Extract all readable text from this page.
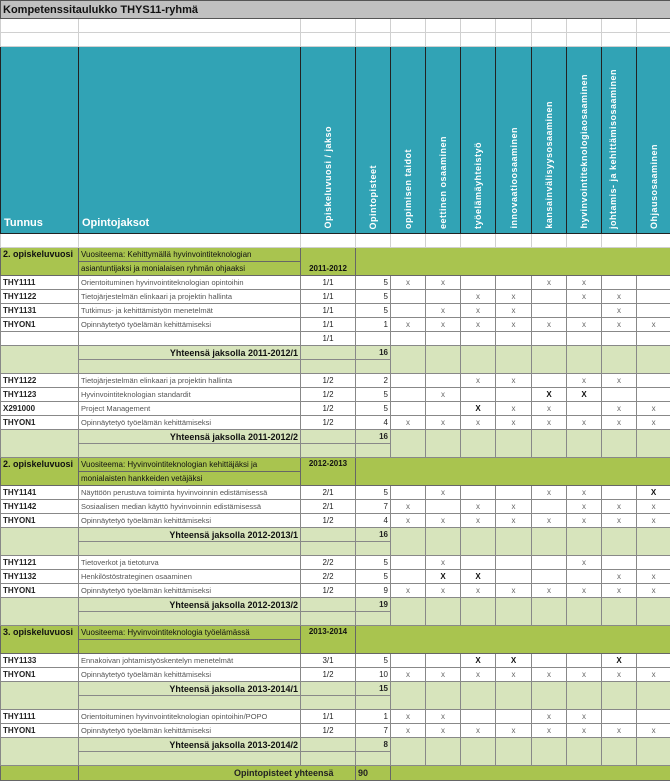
Kompetenssitaulukko THYS11-ryhmä											

Tunnus	Opintojaksot	Opiskeluvuosi / jakso	Opintopisteet	oppimisen taidot	eettinen osaaminen	työelämäyhteistyö	innovaatioosaaminen	kansainvälisyysosaaminen	hyvinvointiteknologiaosaaminen	johtamis- ja kehittämisosaaminen	Ohjausosaaminen

2. opiskeluvuosi	Vuositeema: Kehittymällä hyvinvointiteknologian	2011-2012									
	asiantuntijaksi ja monialaisen ryhmän ohjaaksi										
THY1111	Orientoituminen hyvinvointiteknologian opintoihin	1/1	5	x	x			x	x		
THY1122	Tietojärjestelmän elinkaari ja projektin hallinta	1/1	5			x	x		x	x	
THY1131	Tutkimus- ja kehittämistyön menetelmät	1/1	5		x	x	x			x	
THYON1	Opinnäytetyö työelämän kehittämiseksi	1/1	1	x	x	x	x	x	x	x	x
		1/1									
	Yhteensä jaksolla 2011-2012/1		16								

THY1122	Tietojärjestelmän elinkaari ja projektin hallinta	1/2	2			x	x		x	x	
THY1123	Hyvinvointiteknologian standardit	1/2	5		x			X	X		
X291000	Project Management	1/2	5			X	x	x		x	x
THYON1	Opinnäytetyö työelämän kehittämiseksi	1/2	4	x	x	x	x	x	x	x	x
	Yhteensä jaksolla 2011-2012/2		16								

2. opiskeluvuosi	Vuositeema: Hyvinvointiteknologian kehittäjäksi ja	2012-2013									
	monialaisten hankkeiden vetäjäksi										
THY1141	Näyttöön perustuva toiminta hyvinvoinnin edistämisessä	2/1	5		x			x	x		X
THY1142	Sosiaalisen median käyttö hyvinvoinnin edistämisessä	2/1	7	x		x	x		x	x	x
THYON1	Opinnäytetyö työelämän kehittämiseksi	1/2	4	x	x	x	x	x	x	x	x
	Yhteensä jaksolla 2012-2013/1		16								

THY1121	Tietoverkot ja tietoturva	2/2	5		x				x		
THY1132	Henkilöstöstrateginen osaaminen	2/2	5		X	X				x	x
THYON1	Opinnäytetyö työelämän kehittämiseksi	1/2	9	x	x	x	x	x	x	x	x
	Yhteensä jaksolla 2012-2013/2		19								

3. opiskeluvuosi	Vuositeema: Hyvinvointiteknologia työelämässä	2013-2014									

THY1133	Ennakoivan johtamistyöskentelyn menetelmät	3/1	5			X	X			X	
THYON1	Opinnäytetyö työelämän kehittämiseksi	1/2	10	x	x	x	x	x	x	x	x
	Yhteensä jaksolla 2013-2014/1		15								

THY1111	Orientoituminen hyvinvointiteknologian opintoihin/POPO	1/1	1	x	x			x	x		
THYON1	Opinnäytetyö työelämän kehittämiseksi	1/2	7	x	x	x	x	x	x	x	x
	Yhteensä jaksolla 2013-2014/2		8								

	Opintopisteet yhteensä		90								
